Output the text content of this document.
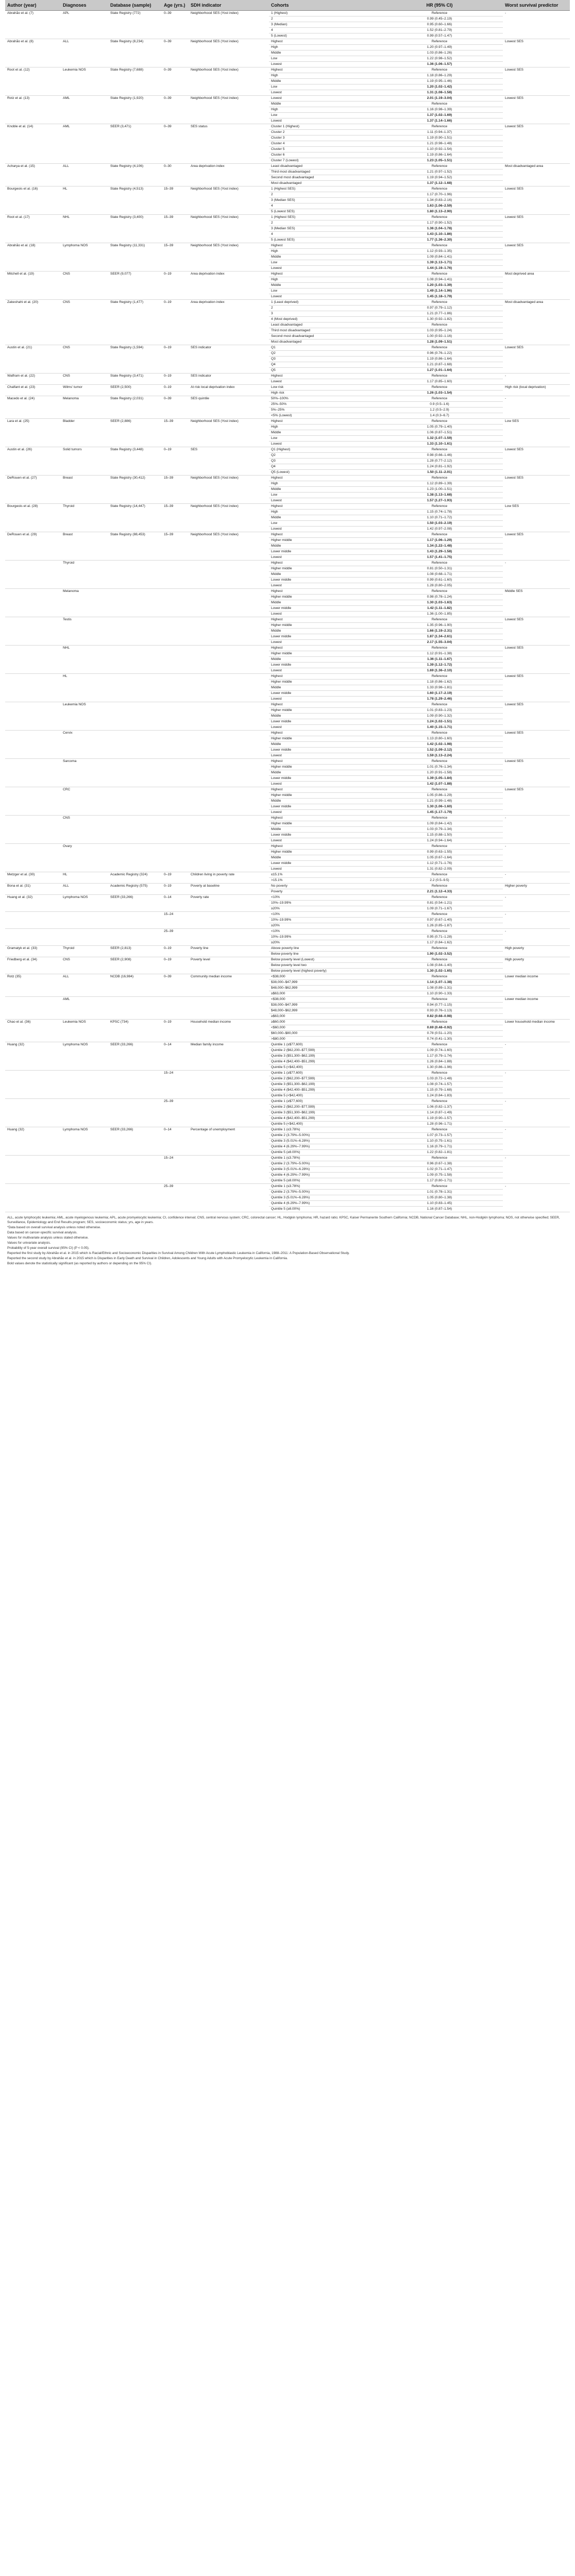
Author (year)	Diagnoses	Database (sample)	Age (yrs.)	SDH indicator	Cohorts	HR (95% CI)	Worst survival predictor
Abrahão et al. (7)	APL	State Registry (772)	0–39	Neighborhood SES (Yost index)	1 (Highest)	Reference	-
					2	0.99 (0.45–2.19)	
					3 (Median)	0.95 (0.60–1.66)	
					4	1.52 (0.81–2.79)	
					5 (Lowest)	0.99 (0.57–1.47)	
Abrahão et al. (8)	ALL	State Registry (8,234)	0–39	Neighborhood SES (Yost index)	Highest	Reference	Lowest SES
					High	1.20 (0.97–1.49)	
					Middle	1.03 (0.86–1.26)	
					Low	1.22 (0.98–1.52)	
					Lowest	1.36 (1.06–1.57)	
Root et al. (12)	Leukemia NOS	State Registry (7,688)	0–39	Neighborhood SES (Yost index)	Highest	Reference	Lowest SES
					High	1.18 (0.86–1.29)	
					Middle	1.19 (0.95–1.46)	
					Low	1.20 (1.02–1.42)	
					Lowest	1.31 (1.08–1.58)	
Rotz et al. (13)	AML	State Registry (1,920)	0–39	Neighborhood SES (Yost index)	Lowest	2.01 (1.19–3.04)	Lowest SES
					Middle	Reference	
					High	1.16 (0.98–1.39)	
					Low	1.37 (1.02–1.69)	
					Lowest	1.37 (1.14–1.66)	
Knoble et al. (14)	AML	SEER (3,471)	0–39	SES status	Cluster 1 (Highest)	Reference	Lowest SES
					Cluster 2	1.11 (0.94–1.37)	
					Cluster 3	1.19 (0.90–1.51)	
					Cluster 4	1.21 (0.98–1.48)	
					Cluster 5	1.10 (0.92–1.54)	
					Cluster 6	1.19 (0.86–1.64)	
					Cluster 7 (Lowest)	1.23 (1.05–1.51)	
Acharya et al. (15)	ALL	State Registry (4,106)	0–30	Area deprivation index	Least disadvantaged	Reference	Most disadvantaged area
					Third most disadvantaged	1.21 (0.97–1.52)	
					Second most disadvantaged	1.19 (0.94–1.52)	
					Most disadvantaged	1.37 (1.12–1.68)	
Bourgeois et al. (16)	HL	State Registry (4,513)	15–39	Neighborhood SES (Yost index)	1 (Highest SES)	Reference	Lowest SES
					2	1.17 (0.70–1.96)	
					3 (Median SES)	1.34 (0.83–2.16)	
					4	1.63 (1.06–2.59)	
					5 (Lowest SES)	1.80 (1.13–2.90)	
Root et al. (17)	NHL	State Registry (3,400)	15–39	Neighborhood SES (Yost index)	1 (Highest SES)	Reference	Lowest SES
					2	1.17 (0.90–1.52)	
					3 (Median SES)	1.36 (1.04–1.78)	
					4	1.43 (1.10–1.86)	
					5 (Lowest SES)	1.77 (1.36–2.30)	
Abrahão et al. (18)	Lymphoma NOS	State Registry (11,331)	15–39	Neighborhood SES (Yost index)	Highest	Reference	Lowest SES
					High	1.12 (0.93–1.35)	
					Middle	1.09 (0.84–1.41)	
					Low	1.39 (1.13–1.71)	
					Lowest	1.44 (1.19–1.76)	
Mitchell et al. (19)	CNS	SEER (9,077)	0–19	Area deprivation index	Highest	Reference	Most deprived area
					High	1.08 (0.94–1.41)	
					Middle	1.20 (1.03–1.39)	
					Low	1.49 (1.14–1.96)	
					Lowest	1.45 (1.18–1.79)	
Zakeshahi et al. (20)	CNS	State Registry (1,477)	0–19	Area deprivation index	1 (Least deprived)	Reference	Most disadvantaged area
					2	0.97 (0.79–1.12)	
					3	1.21 (0.77–1.86)	
					4 (Most deprived)	1.30 (0.92–1.82)	
					Least disadvantaged	Reference	
					Third most disadvantaged	1.03 (0.95–1.24)	
					Second most disadvantaged	1.00 (0.92–1.16)	
					Most disadvantaged	1.28 (1.09–1.51)	
Austin et al. (21)	CNS	State Registry (1,594)	0–19	SES indicator	Q1	Reference	Lowest SES
					Q2	0.96 (0.76–1.22)	
					Q3	1.19 (0.86–1.64)	
					Q4	1.21 (0.87–1.68)	
					Q5	1.27 (1.01–1.64)	
Walfram et al. (22)	CNS	State Registry (3,471)	0–19	SES indicator	Highest	Reference	-
					Lowest	1.17 (0.85–1.60)	
Chalfant et al. (23)	Wilms' tumor	SEER (2,500)	0–19	At risk local deprivation index	Low risk	Reference	High risk (local deprivation)
					High risk	1.26 (1.03–1.54)	
Macedo et al. (24)	Melanoma	State Registry (2,031)	0–39	SES quintile	50%–100%	Reference	-
					25%–50%	0.9 (0.5–1.6)	
					5%–25%	1.2 (0.5–2.9)	
					<5% (Lowest)	1.4 (0.3–6.7)	
Lara et al. (25)	Bladder	SEER (2,886)	15–39	Neighborhood SES (Yost index)	Highest	Reference	Low SES
					High	1.05 (0.79–1.40)	
					Middle	1.06 (0.87–1.51)	
					Low	1.32 (1.07–1.59)	
					Lowest	1.33 (1.10–1.61)	
Austin et al. (26)	Solid tumors	State Registry (3,448)	0–19	SES	Q1 (Highest)	Reference	Lowest SES
					Q2	0.98 (0.66–1.46)	
					Q3	1.28 (0.77–2.12)	
					Q4	1.24 (0.81–1.92)	
					Q5 (Lowest)	1.50 (1.11–2.01)	
DeRouen et al. (27)	Breast	State Registry (30,412)	15–39	Neighborhood SES (Yost index)	Highest	Reference	Lowest SES
					High	1.12 (0.89–1.39)	
					Middle	1.23 (1.00–1.51)	
					Low	1.38 (1.13–1.68)	
					Lowest	1.57 (1.27–1.93)	
Bourgeois et al. (28)	Thyroid	State Registry (14,447)	15–39	Neighborhood SES (Yost index)	Highest	Reference	Low SES
					High	1.15 (0.74–1.78)	
					Middle	1.10 (0.71–1.72)	
					Low	1.50 (1.03–2.19)	
					Lowest	1.42 (0.97–2.08)	
DeRouen et al. (29)	Breast	State Registry (88,453)	15–39	Neighborhood SES (Yost index)	Highest	Reference	Lowest SES
					Higher middle	1.17 (1.06–1.29)	
					Middle	1.34 (1.22–1.48)	
					Lower middle	1.43 (1.29–1.58)	
					Lowest	1.57 (1.41–1.75)	
	Thyroid				Highest	Reference	-
					Higher middle	0.81 (0.50–1.31)	
					Middle	1.08 (0.68–1.71)	
					Lower middle	0.99 (0.61–1.60)	
					Lowest	1.28 (0.80–2.05)	
	Melanoma				Highest	Reference	Middle SES
					Higher middle	0.98 (0.78–1.24)	
					Middle	1.30 (1.03–1.63)	
					Lower middle	1.42 (1.11–1.82)	
					Lowest	1.36 (1.00–1.85)	
	Testis				Highest	Reference	Lowest SES
					Higher middle	1.35 (0.96–1.90)	
					Middle	1.66 (1.19–2.31)	
					Lower middle	1.87 (1.34–2.61)	
					Lowest	2.17 (1.55–3.04)	
	NHL				Highest	Reference	Lowest SES
					Higher middle	1.12 (0.91–1.38)	
					Middle	1.36 (1.11–1.67)	
					Lower middle	1.39 (1.12–1.72)	
					Lowest	1.69 (1.36–2.10)	
	HL				Highest	Reference	Lowest SES
					Higher middle	1.18 (0.86–1.62)	
					Middle	1.33 (0.98–1.81)	
					Lower middle	1.60 (1.17–2.19)	
					Lowest	1.78 (1.29–2.46)	
	Leukemia NOS				Highest	Reference	Lowest SES
					Higher middle	1.01 (0.83–1.23)	
					Middle	1.09 (0.90–1.32)	
					Lower middle	1.24 (1.02–1.51)	
					Lowest	1.40 (1.15–1.71)	
	Cervix				Highest	Reference	Lowest SES
					Higher middle	1.13 (0.80–1.60)	
					Middle	1.42 (1.02–1.98)	
					Lower middle	1.52 (1.09–2.12)	
					Lowest	1.59 (1.13–2.24)	
	Sarcoma				Highest	Reference	Lowest SES
					Higher middle	1.01 (0.76–1.34)	
					Middle	1.20 (0.91–1.58)	
					Lower middle	1.39 (1.05–1.84)	
					Lowest	1.42 (1.07–1.88)	
	CRC				Highest	Reference	Lowest SES
					Higher middle	1.05 (0.86–1.29)	
					Middle	1.21 (0.99–1.48)	
					Lower middle	1.30 (1.06–1.60)	
					Lowest	1.45 (1.17–1.79)	
	CNS				Highest	Reference	-
					Higher middle	1.09 (0.84–1.42)	
					Middle	1.03 (0.79–1.34)	
					Lower middle	1.15 (0.88–1.50)	
					Lowest	1.24 (0.94–1.64)	
	Ovary				Highest	Reference	-
					Higher middle	0.99 (0.63–1.55)	
					Middle	1.05 (0.67–1.64)	
					Lower middle	1.12 (0.71–1.76)	
					Lowest	1.31 (0.82–2.09)	
Metzger et al. (30)	HL	Academic Registry (324)	0–19	Children living in poverty rate	≤15.1%	Reference	-
					>15.1%	2.2 (0.5–9.5)	
Bona et al. (31)	ALL	Academic Registry (575)	0–19	Poverty at baseline	No poverty	Reference	Higher poverty
					Poverty	2.21 (1.12–4.33)	
Huang et al. (32)	Lymphoma NOS	SEER (33,266)	0–14	Poverty rate	<10%	Reference	-
					10%–19.99%	0.81 (0.54–1.21)	
					≥20%	1.09 (0.71–1.67)	
			15–24		<10%	Reference	-
					10%–19.99%	0.97 (0.67–1.40)	
					≥20%	1.26 (0.85–1.87)	
			25–39		<10%	Reference	-
					10%–19.99%	0.95 (0.71–1.28)	
					≥20%	1.17 (0.84–1.62)	
Gramatyk et al. (33)	Thyroid	SEER (2,813)	0–19	Poverty line	Above poverty line	Reference	High poverty
					Below poverty line	1.90 (1.02–3.52)	
Friedberg et al. (34)	CNS	SEER (2,908)	0–19	Poverty level	Below poverty level (Lowest)	Reference	High poverty
					Below poverty level two	1.08 (0.84–1.40)	
					Below poverty level (highest poverty)	1.30 (1.02–1.65)	
Rotz (35)	ALL	NCDB (16,984)	0–39	Community median income	<$38,000	Reference	Lower median income
					$38,000–$47,999	1.14 (1.07–1.38)	
					$48,000–$62,999	1.08 (0.89–1.31)	
					≥$63,000	1.10 (0.90–1.33)	
	AML				<$38,000	Reference	Lower median income
					$38,000–$47,999	0.94 (0.77–1.15)	
					$48,000–$62,999	0.93 (0.76–1.13)	
					≥$63,000	0.82 (0.68–0.98)	
Chao et al. (36)	Leukemia NOS	KPSC (734)	0–19	Household median income	≥$60,000	Reference	Lower household median income
					<$60,000	0.69 (0.48–0.92)	
					$60,000–$80,000	0.78 (0.51–1.20)	
					>$80,000	0.74 (0.41–1.30)	
Huang (32)	Lymphoma NOS	SEER (33,266)	0–14	Median family income	Quintile 1 (≥$77,600)	Reference	-
					Quintile 2 ($62,200–$77,599)	1.09 (0.74–1.60)	
					Quintile 3 ($51,300–$62,199)	1.17 (0.79–1.74)	
					Quintile 4 ($42,400–$51,299)	1.26 (0.84–1.88)	
					Quintile 5 (<$42,400)	1.30 (0.86–1.96)	
			15–24		Quintile 1 (≥$77,600)	Reference	-
					Quintile 2 ($62,200–$77,599)	1.03 (0.72–1.48)	
					Quintile 3 ($51,300–$62,199)	1.08 (0.74–1.57)	
					Quintile 4 ($42,400–$51,299)	1.15 (0.79–1.68)	
					Quintile 5 (<$42,400)	1.24 (0.84–1.83)	
			25–39		Quintile 1 (≥$77,600)	Reference	-
					Quintile 2 ($62,200–$77,599)	1.06 (0.82–1.37)	
					Quintile 3 ($51,300–$62,199)	1.14 (0.87–1.49)	
					Quintile 4 ($42,400–$51,299)	1.19 (0.90–1.57)	
					Quintile 5 (<$42,400)	1.28 (0.96–1.71)	
Huang (32)	Lymphoma NOS	SEER (33,266)	0–14	Percentage of unemployment	Quintile 1 (≤3.78%)	Reference	-
					Quintile 2 (3.79%–5.00%)	1.07 (0.73–1.57)	
					Quintile 3 (5.01%–6.28%)	1.10 (0.75–1.61)	
					Quintile 4 (6.29%–7.99%)	1.16 (0.79–1.71)	
					Quintile 5 (≥8.00%)	1.22 (0.82–1.81)	
			15–24		Quintile 1 (≤3.78%)	Reference	-
					Quintile 2 (3.79%–5.00%)	0.96 (0.67–1.38)	
					Quintile 3 (5.01%–6.28%)	1.02 (0.71–1.47)	
					Quintile 4 (6.29%–7.99%)	1.09 (0.75–1.58)	
					Quintile 5 (≥8.00%)	1.17 (0.80–1.71)	
			25–39		Quintile 1 (≤3.78%)	Reference	-
					Quintile 2 (3.79%–5.00%)	1.01 (0.78–1.31)	
					Quintile 3 (5.01%–6.28%)	1.05 (0.80–1.38)	
					Quintile 4 (6.29%–7.99%)	1.10 (0.83–1.45)	
					Quintile 5 (≥8.00%)	1.16 (0.87–1.54)	
ALL, acute lymphocytic leukemia; AML, acute myelogenous leukemia; APL, acute promyelocytic leukemia; CI, confidence interval; CNS, central nervous system; CRC, colorectal cancer; HL, Hodgkin lymphoma; HR, hazard ratio; KPSC, Kaiser Permanente Southern California; NCDB, National Cancer Database; NHL, non-Hodgkin lymphoma; NOS, not otherwise specified; SEER, Surveillance, Epidemiology and End Results program; SES, socioeconomic status; yrs, age in years.
*Data based on overall survival analysis unless noted otherwise.
Data based on cancer-specific survival analysis.
Values for multivariate analysis unless stated otherwise.
Values for univariate analysis.
Probability of 5-year overall survival (95% CI) (P < 0.05).
Reported the first study by Abrahão et al. in 2015 which is Racial/Ethnic and Socioeconomic Disparities in Survival Among Children With Acute Lymphoblastic Leukemia in California, 1988–2011: A Population-Based Observational Study.
Reported the second study by Abrahão et al. in 2015 which is Disparities in Early Death and Survival in Children, Adolescents and Young Adults with Acute Promyelocytic Leukemia in California.
Bold values denote the statistically significant (as reported by authors or depending on the 95% CI).
